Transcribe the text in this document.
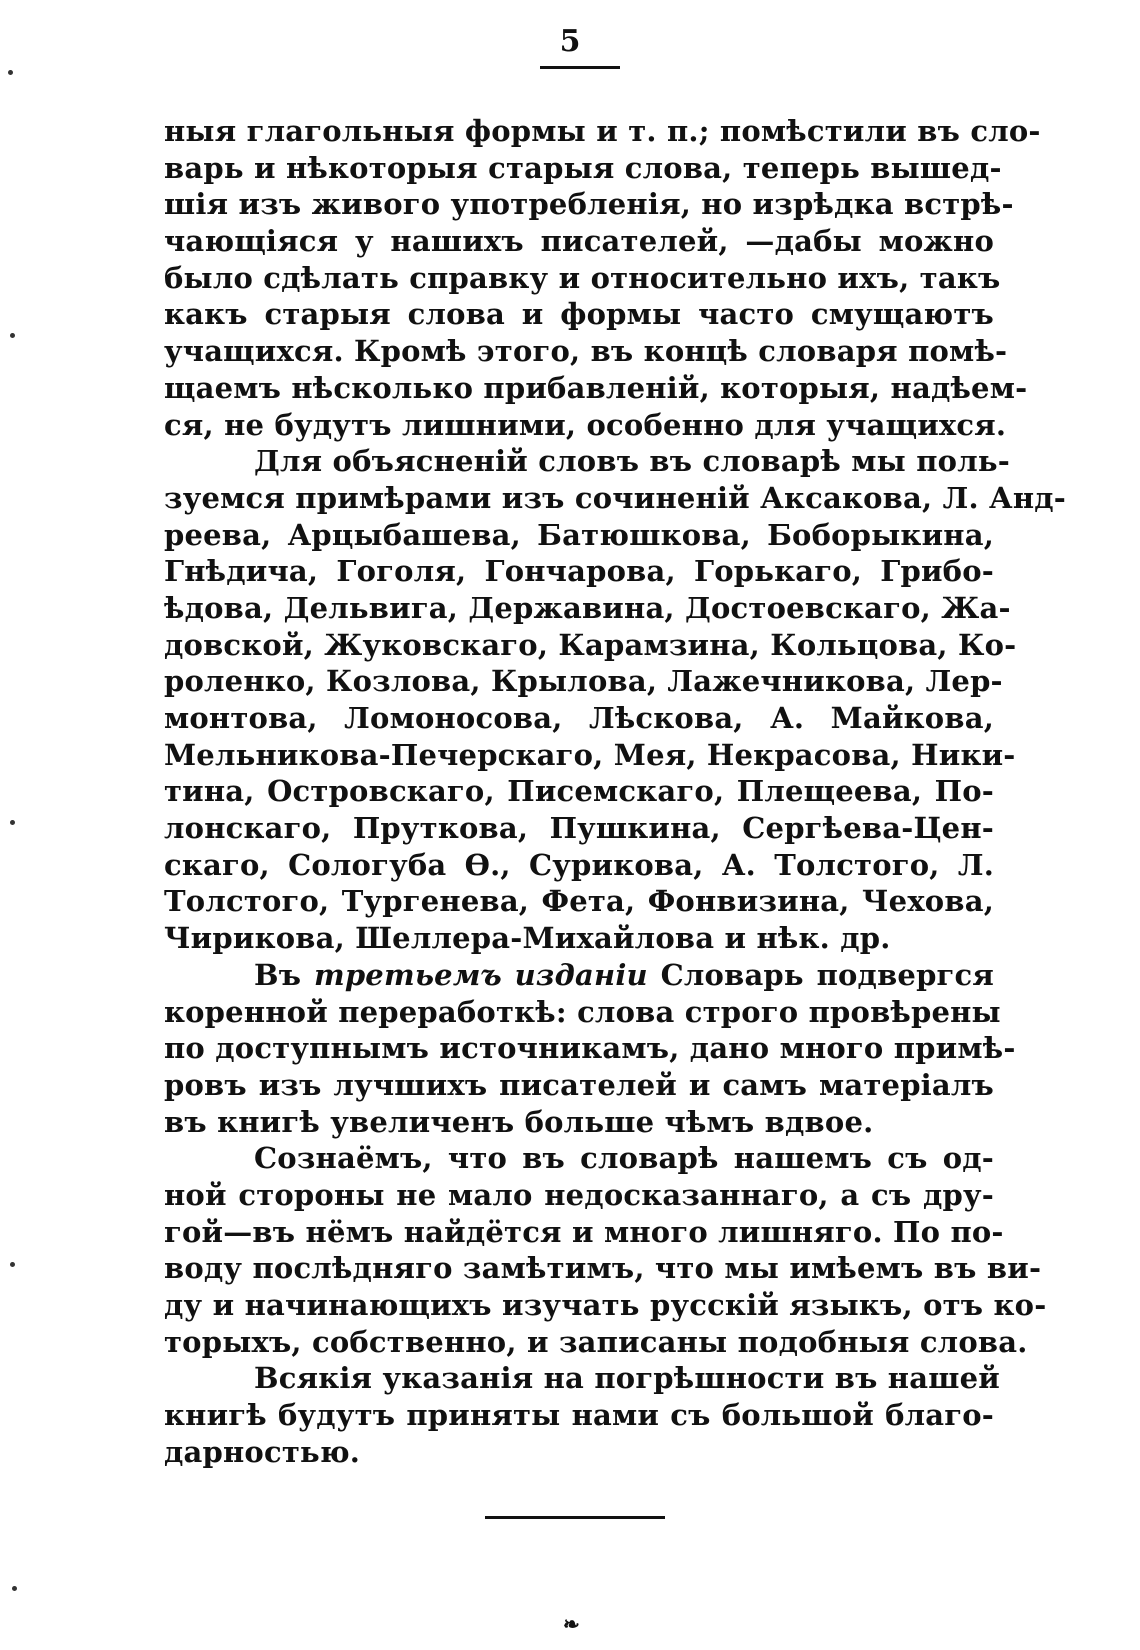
5
ныя глагольныя формы и т. п.; помѣстили въ сло-
варь и нѣкоторыя старыя слова, теперь вышед-
шія изъ живого употребленія, но изрѣдка встрѣ-
чающіяся у нашихъ писателей, —дабы можно
было сдѣлать справку и относительно ихъ, такъ
какъ старыя слова и формы часто смущаютъ
учащихся. Кромѣ этого, въ концѣ словаря помѣ-
щаемъ нѣсколько прибавленій, которыя, надѣем-
ся, не будутъ лишними, особенно для учащихся.
Для объясненій словъ въ словарѣ мы поль-
зуемся примѣрами изъ сочиненій Аксакова, Л. Анд-
реева, Арцыбашева, Батюшкова, Боборыкина,
Гнѣдича, Гоголя, Гончарова, Горькаго, Грибо-
ѣдова, Дельвига, Державина, Достоевскаго, Жа-
довской, Жуковскаго, Карамзина, Кольцова, Ко-
роленко, Козлова, Крылова, Лажечникова, Лер-
монтова, Ломоносова, Лѣскова, А. Майкова,
Мельникова-Печерскаго, Мея, Некрасова, Ники-
тина, Островскаго, Писемскаго, Плещеева, По-
лонскаго, Пруткова, Пушкина, Сергѣева-Цен-
скаго, Сологуба Ѳ., Сурикова, А. Толстого, Л.
Толстого, Тургенева, Фета, Фонвизина, Чехова,
Чирикова, Шеллера-Михайлова и нѣк. др.
Въ третьемъ изданіи Словарь подвергся
коренной переработкѣ: слова строго провѣрены
по доступнымъ источникамъ, дано много примѣ-
ровъ изъ лучшихъ писателей и самъ матеріалъ
въ книгѣ увеличенъ больше чѣмъ вдвое.
Сознаёмъ, что въ словарѣ нашемъ съ од-
ной стороны не мало недосказаннаго, а съ дру-
гой—въ нёмъ найдётся и много лишняго. По по-
воду послѣдняго замѣтимъ, что мы имѣемъ въ ви-
ду и начинающихъ изучать русскій языкъ, отъ ко-
торыхъ, собственно, и записаны подобныя слова.
Всякія указанія на погрѣшности въ нашей
книгѣ будутъ приняты нами съ большой благо-
дарностью.
❧
